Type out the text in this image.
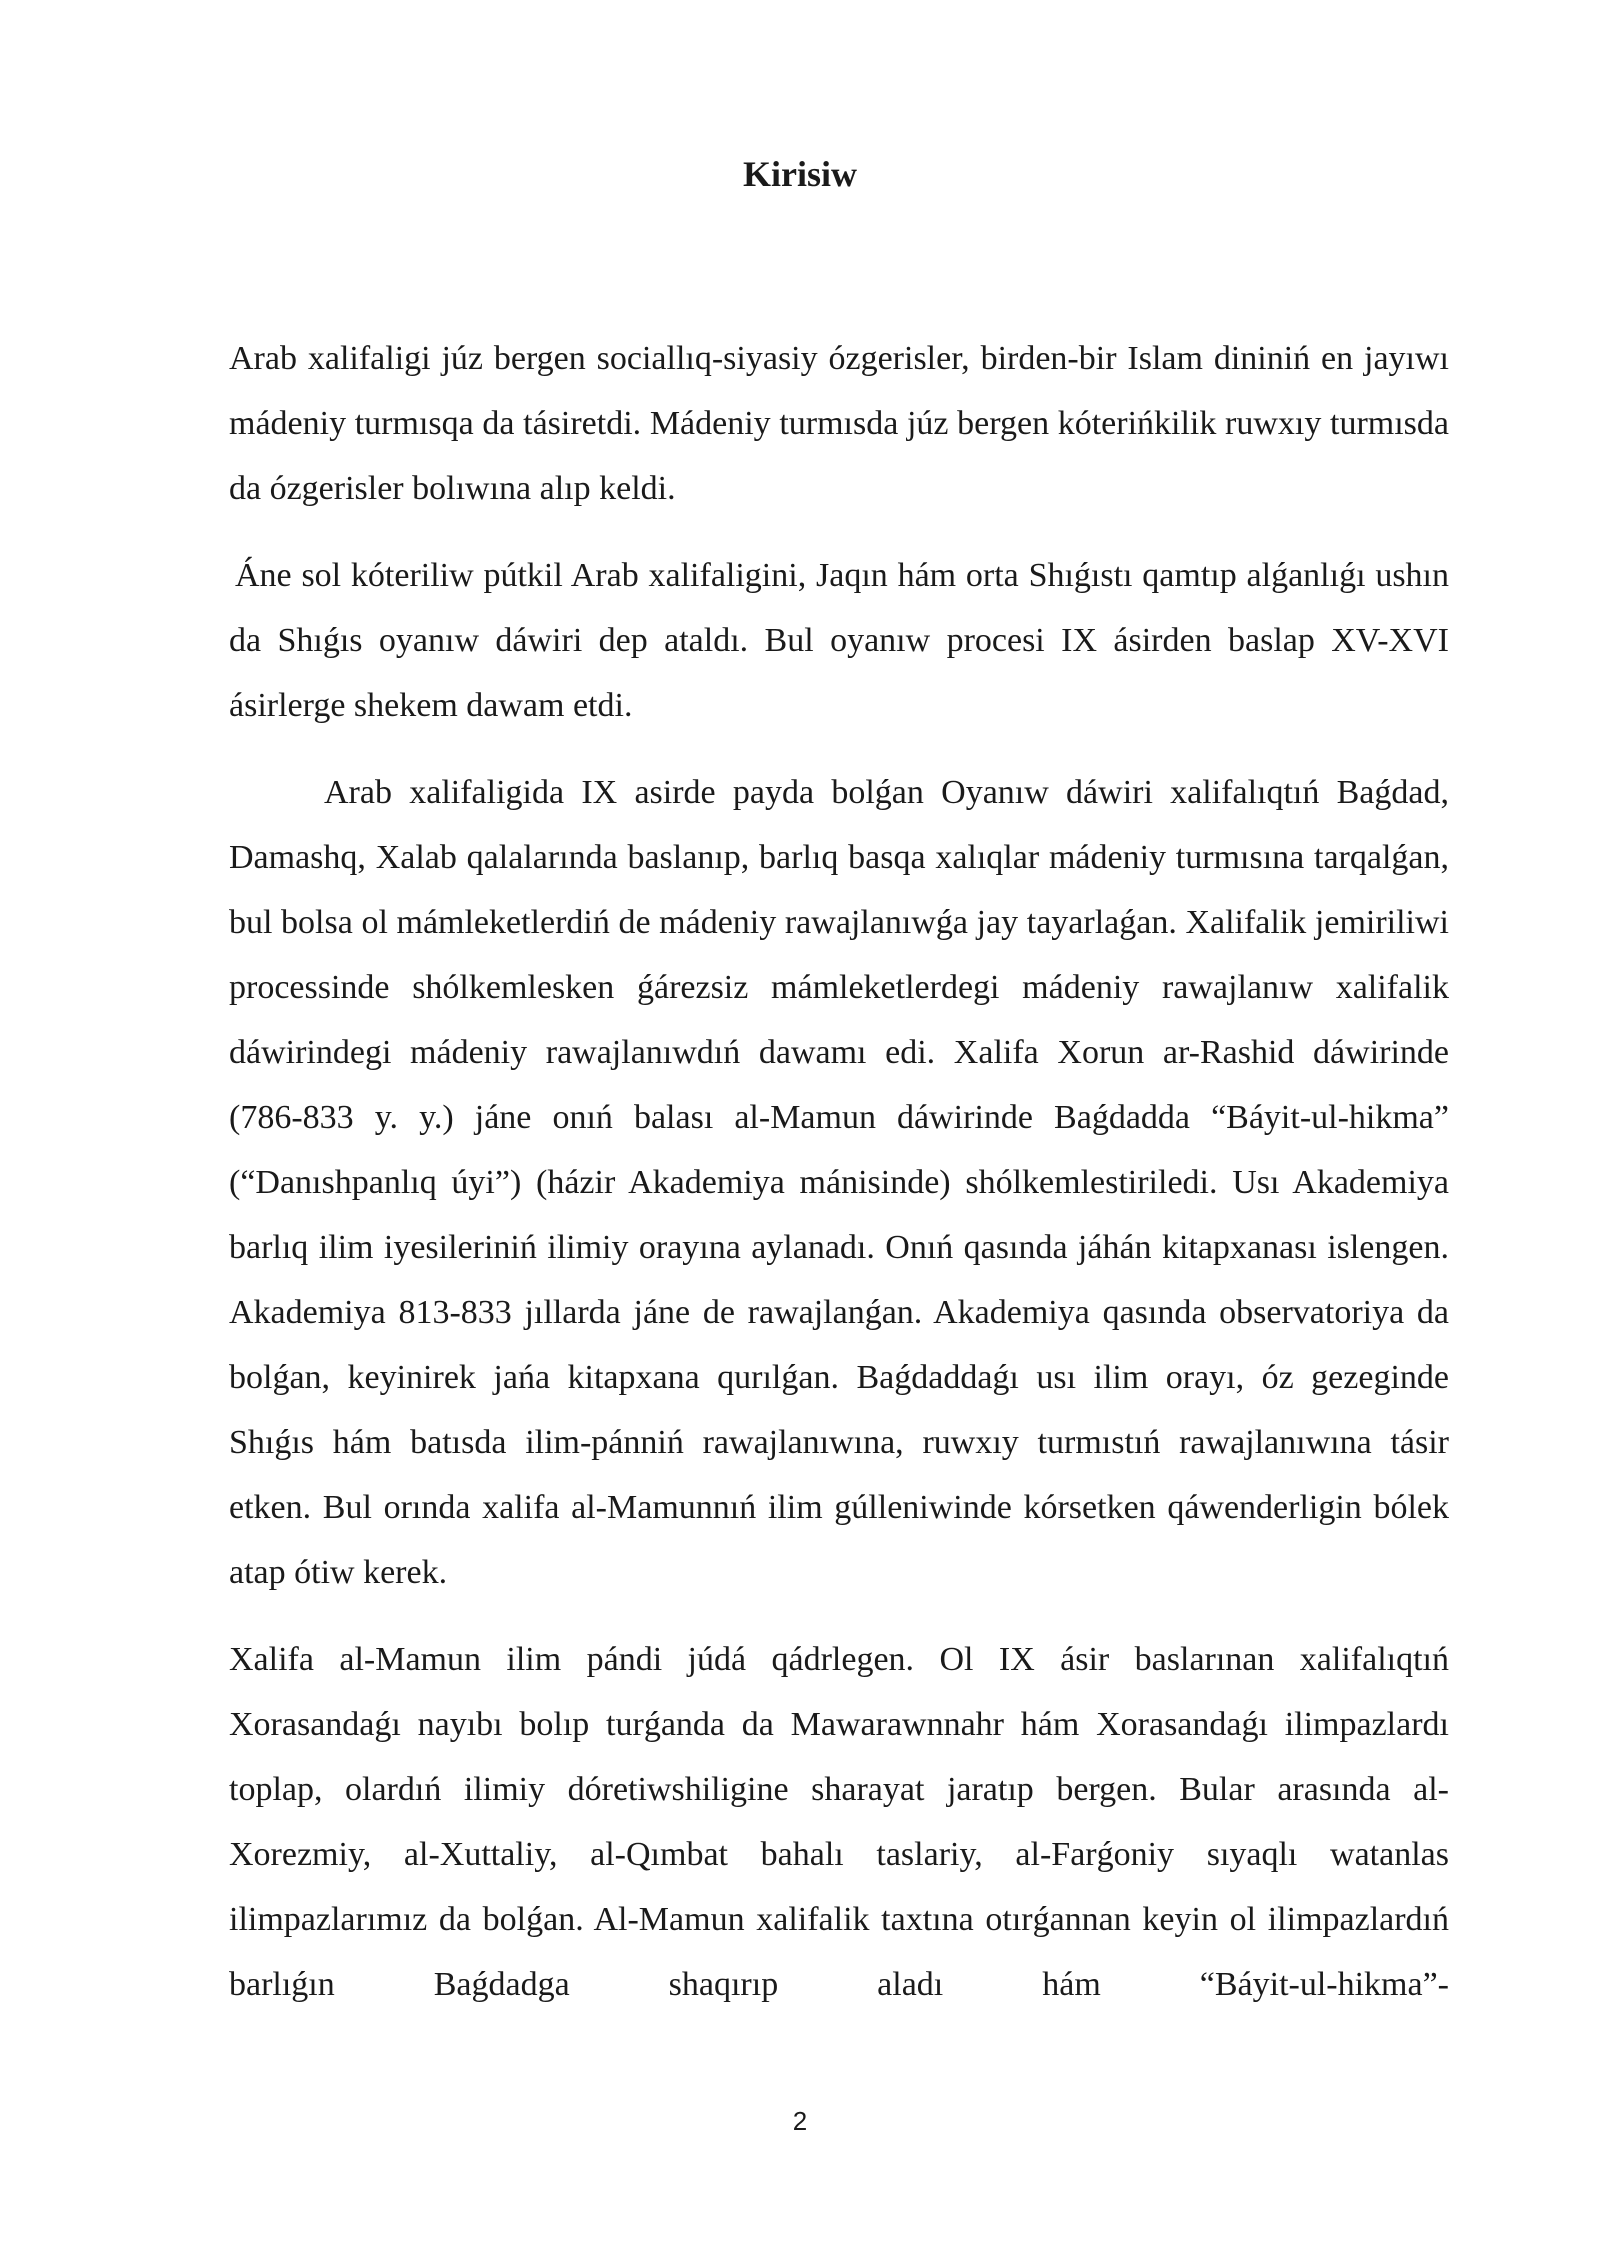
Kirisiw

Arab xalifaligi júz bergen sociallıq-siyasiy ózgerisler, birden-bir Islam dininiń en jayıwı mádeniy turmısqa da tásiretdi. Mádeniy turmısda júz bergen kóterińkilik ruwxıy turmısda da ózgerisler bolıwına alıp keldi.

Áne sol kóteriliw pútkil Arab xalifaligini, Jaqın hám orta Shıǵıstı qamtıp alǵanlıǵı ushın da Shıǵıs oyanıw dáwiri dep ataldı. Bul oyanıw procesi IX ásirden baslap XV-XVI ásirlerge shekem dawam etdi.

Arab xalifaligida IX asirde payda bolǵan Oyanıw dáwiri xalifalıqtıń Baǵdad, Damashq, Xalab qalalarında baslanıp, barlıq basqa xalıqlar mádeniy turmısına tarqalǵan, bul bolsa ol mámleketlerdiń de mádeniy rawajlanıwǵa jay tayarlaǵan. Xalifalik jemiriliwi processinde shólkemlesken ǵárezsiz mámleketlerdegi mádeniy rawajlanıw xalifalik dáwirindegi mádeniy rawajlanıwdıń dawamı edi. Xalifa Xorun ar-Rashid dáwirinde (786-833 y. y.) jáne onıń balası al-Mamun dáwirinde Baǵdadda “Báyit-ul-hikma” (“Danıshpanlıq úyi”) (házir Akademiya mánisinde) shólkemlestiriledi. Usı Akademiya barlıq ilim iyesileriniń ilimiy orayına aylanadı. Onıń qasında jáhán kitapxanası islengen. Akademiya 813-833 jıllarda jáne de rawajlanǵan. Akademiya qasında observatoriya da bolǵan, keyinirek jańa kitapxana qurılǵan. Baǵdaddaǵı usı ilim orayı, óz gezeginde Shıǵıs hám batısda ilim-pánniń rawajlanıwına, ruwxıy turmıstıń rawajlanıwına tásir etken. Bul orında xalifa al-Mamunnıń ilim gúlleniwinde kórsetken qáwenderligin bólek atap ótiw kerek.

Xalifa al-Mamun ilim pándi júdá qádrlegen. Ol IX ásir baslarınan xalifalıqtıń Xorasandaǵı nayıbı bolıp turǵanda da Mawarawnnahr hám Xorasandaǵı ilimpazlardı toplap, olardıń ilimiy dóretiwshiligine sharayat jaratıp bergen. Bular arasında al-Xorezmiy, al-Xuttaliy, al-Qımbat bahalı taslariy, al-Farǵoniy sıyaqlı watanlas ilimpazlarımız da bolǵan. Al-Mamun xalifalik taxtına otırǵannan keyin ol ilimpazlardıń barlıǵın Baǵdadga shaqırıp aladı hám “Báyit-ul-hikma”-

2
